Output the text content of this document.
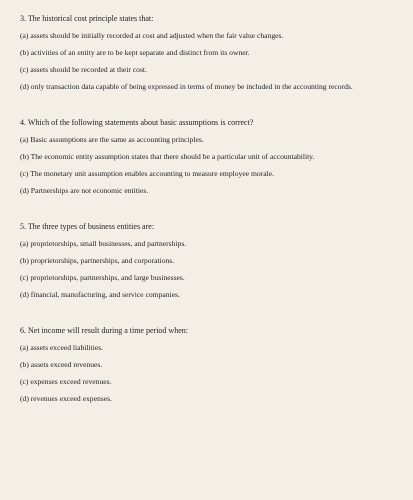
3. The historical cost principle states that:

(a) assets should be initially recorded at cost and adjusted when the fair value changes.

(b) activities of an entity are to be kept separate and distinct from its owner.

(c) assets should be recorded at their cost.

(d) only transaction data capable of being expressed in terms of money be included in the accounting records.

4. Which of the following statements about basic assumptions is correct?

(a) Basic assumptions are the same as accounting principles.

(b) The economic entity assumption states that there should be a particular unit of accountability.

(c) The monetary unit assumption enables accounting to measure employee morale.

(d) Partnerships are not economic entities.

5. The three types of business entities are:

(a) proprietorships, small businesses, and partnerships.

(b) proprietorships, partnerships, and corporations.

(c) proprietorships, partnerships, and large businesses.

(d) financial, manufacturing, and service companies.

6. Net income will result during a time period when:

(a) assets exceed liabilities.

(b) assets exceed revenues.

(c) expenses exceed revenues.

(d) revenues exceed expenses.
